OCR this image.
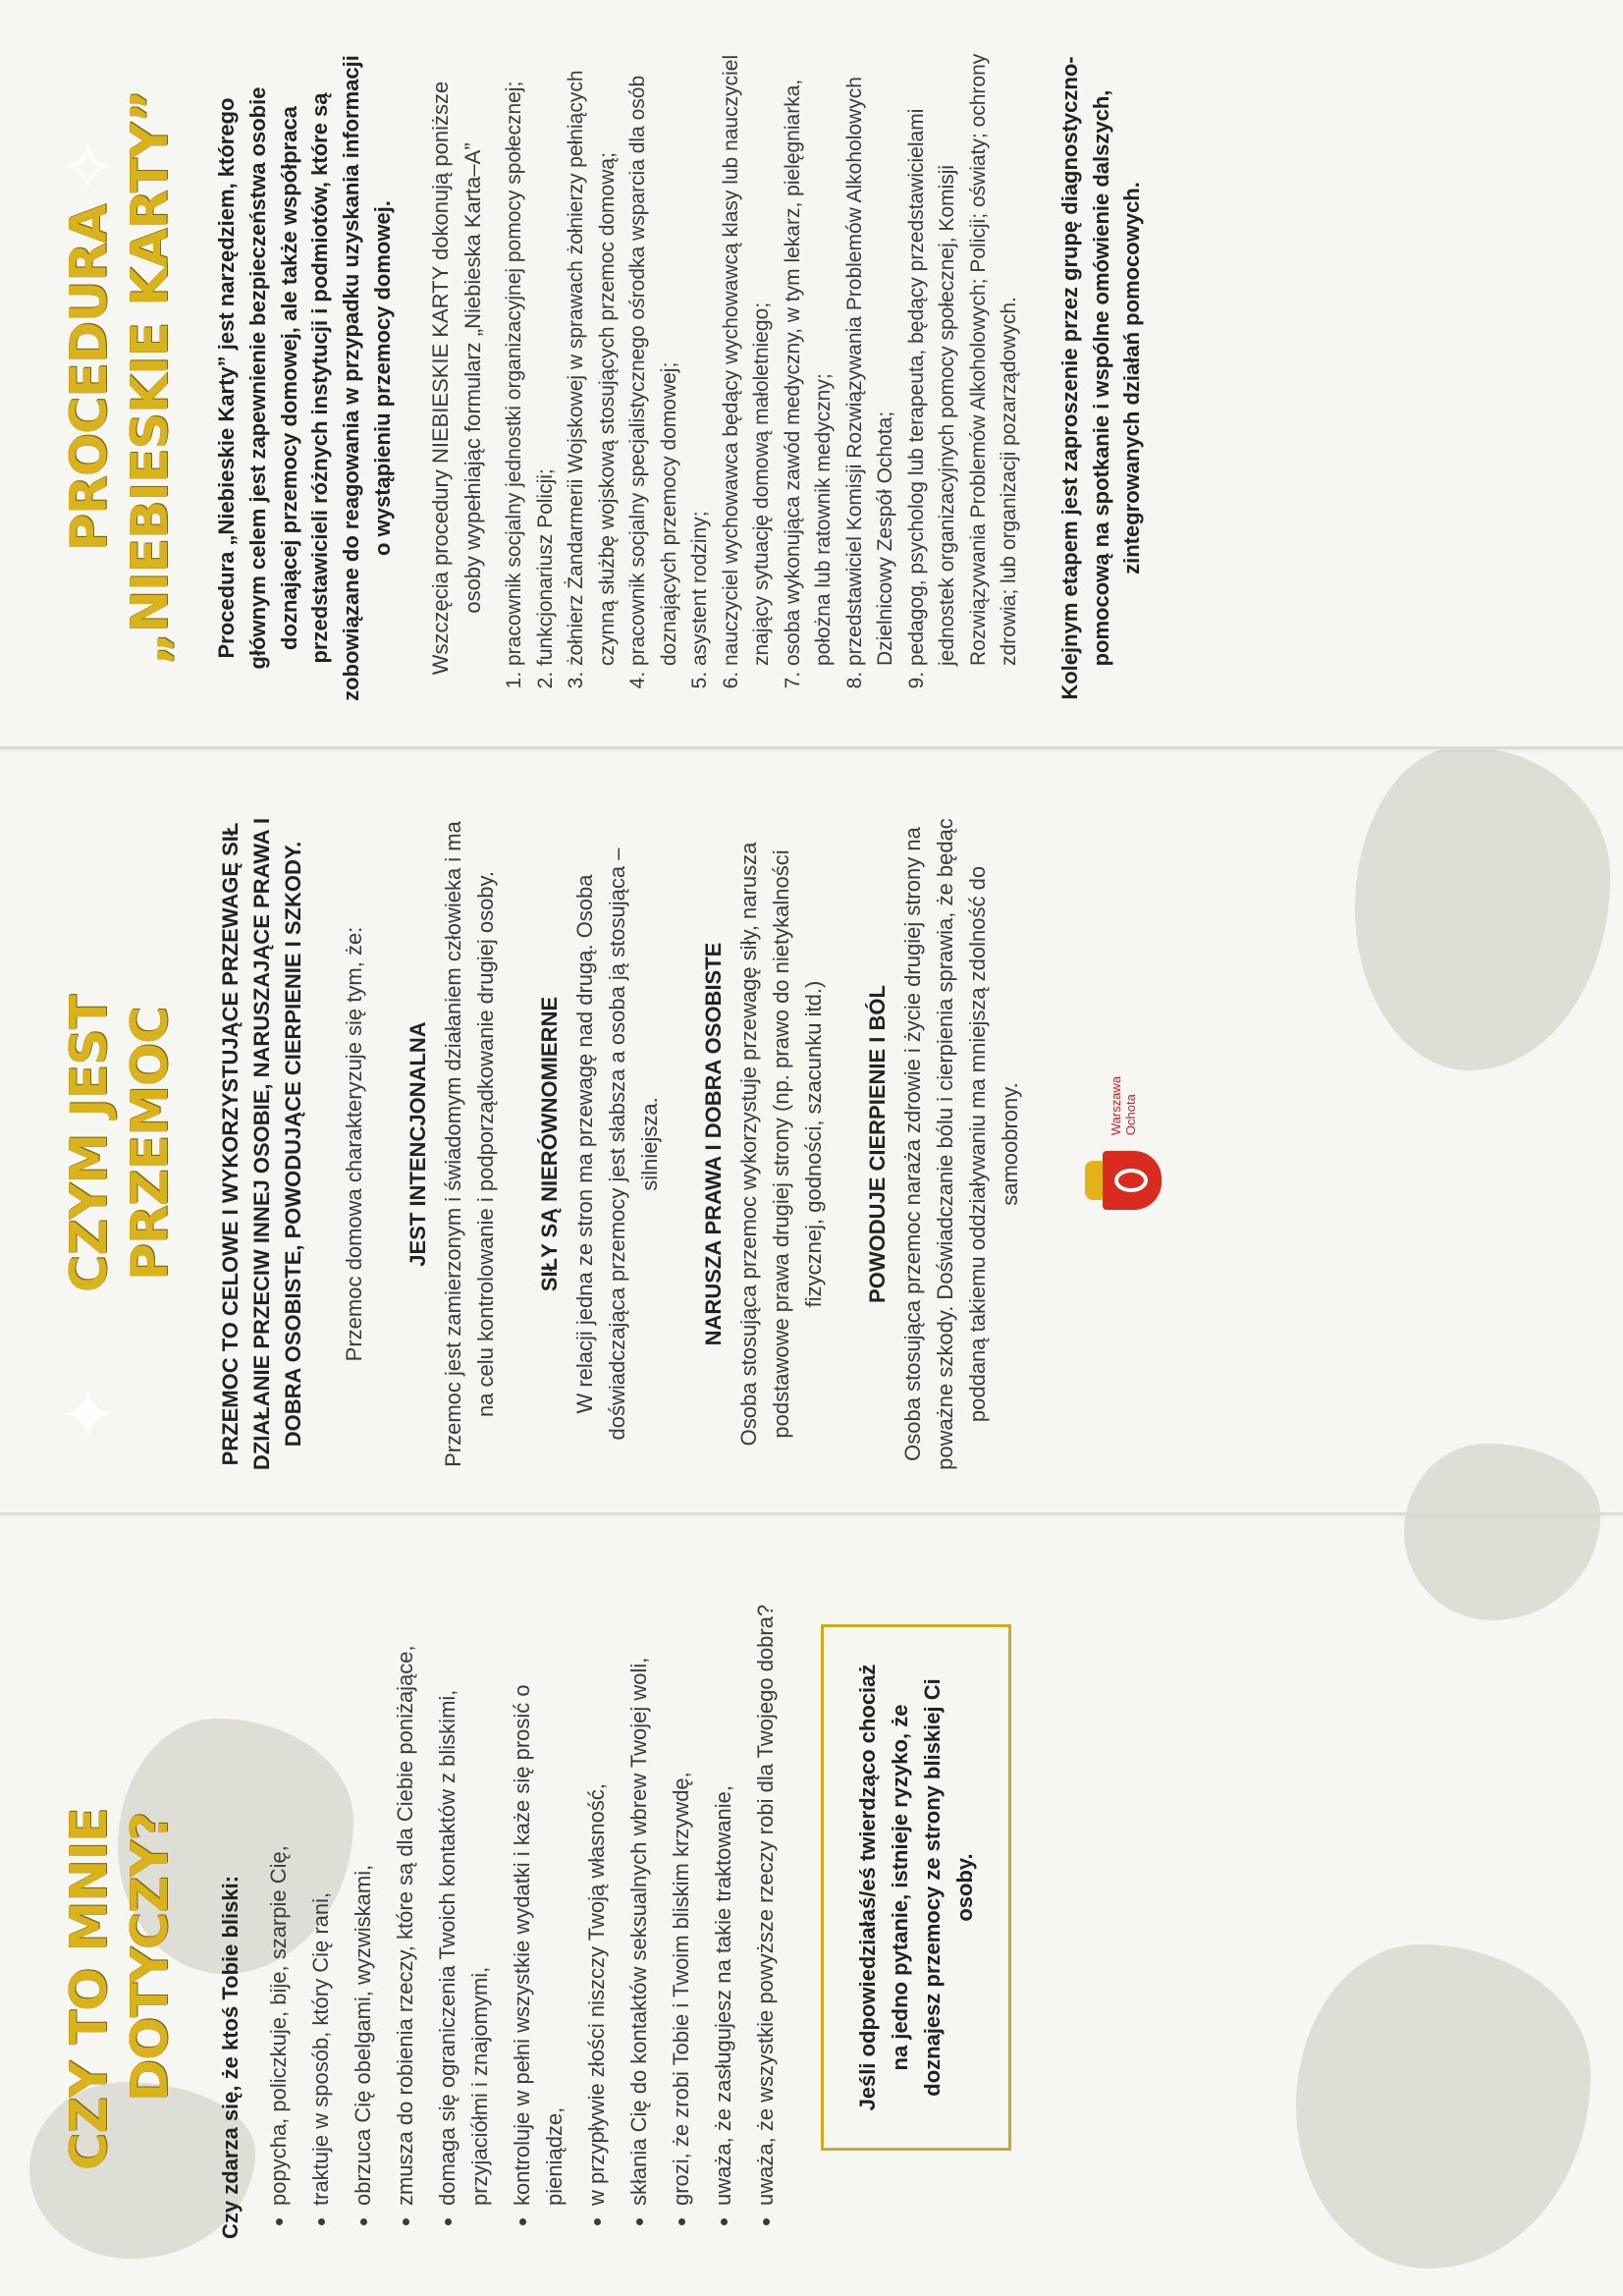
✦
✧
CZY TO MNIE DOTYCZY? Czy zdarza się, że ktoś Tobie bliski: • popycha, policzkuje, bije, szarpie Cię, • traktuje w sposób, który Cię rani, • obrzuca Cię obelgami, wyzwiskami, • zmusza do robienia rzeczy, które są dla Ciebie poniżające, • domaga się ograniczenia Twoich kontaktów z bliskimi, przyjaciółmi i znajomymi, • kontroluje w pełni wszystkie wydatki i każe się prosić o pieniądze, • w przypływie złości niszczy Twoją własność, • skłania Cię do kontaktów seksualnych wbrew Twojej woli, • grozi, że zrobi Tobie i Twoim bliskim krzywdę, • uważa, że zasługujesz na takie traktowanie, • uważa, że wszystkie powyższe rzeczy robi dla Twojego dobra?	Jeśli odpowiedziałaś/eś twierdząco chociaż na jedno pytanie, istnieje ryzyko, że doznajesz przemocy ze strony bliskiej Ci osoby.
CZYM JEST PRZEMOC PRZEMOC TO CELOWE I WYKORZYSTUJĄCE PRZEWAGĘ SIŁ DZIAŁANIE PRZECIW INNEJ OSOBIE, NARUSZAJĄCE PRAWA I DOBRA OSOBISTE, POWODUJĄCE CIERPIENIE I SZKODY. Przemoc domowa charakteryzuje się tym, że: JEST INTENCJONALNA Przemoc jest zamierzonym i świadomym działaniem człowieka i ma na celu kontrolowanie i podporządkowanie drugiej osoby. SIŁY SĄ NIERÓWNOMIERNE W relacji jedna ze stron ma przewagę nad drugą. Osoba doświadczająca przemocy jest słabsza a osoba ją stosująca – silniejsza. NARUSZA PRAWA I DOBRA OSOBISTE Osoba stosująca przemoc wykorzystuje przewagę siły, narusza podstawowe prawa drugiej strony (np. prawo do nietykalności fizycznej, godności, szacunku itd.) POWODUJE CIERPIENIE I BÓL Osoba stosująca przemoc naraża zdrowie i życie drugiej strony na poważne szkody. Doświadczanie bólu i cierpienia sprawia, że będąc poddaną takiemu oddziaływaniu ma mniejszą zdolność do samoobrony.	Warszawa Ochota
PROCEDURA „NIEBIESKIE KARTY” Procedura „Niebieskie Karty” jest narzędziem, którego głównym celem jest zapewnienie bezpieczeństwa osobie doznającej przemocy domowej, ale także współpraca przedstawicieli różnych instytucji i podmiotów, które są zobowiązane do reagowania w przypadku uzyskania informacji o wystąpieniu przemocy domowej. Wszczęcia procedury NIEBIESKIE KARTY dokonują poniższe osoby wypełniając formularz „Niebieska Karta–A” 1. pracownik socjalny jednostki organizacyjnej pomocy społecznej; 2. funkcjonariusz Policji; 3. żołnierz Żandarmerii Wojskowej w sprawach żołnierzy pełniących czynną służbę wojskową stosujących przemoc domową; 4. pracownik socjalny specjalistycznego ośrodka wsparcia dla osób doznających przemocy domowej; 5. asystent rodziny; 6. nauczyciel wychowawca będący wychowawcą klasy lub nauczyciel znający sytuację domową małoletniego; 7. osoba wykonująca zawód medyczny, w tym lekarz, pielęgniarka, położna lub ratownik medyczny; 8. przedstawiciel Komisji Rozwiązywania Problemów Alkoholowych Dzielnicowy Zespół Ochota; 9. pedagog, psycholog lub terapeuta, będący przedstawicielami jednostek organizacyjnych pomocy społecznej, Komisji Rozwiązywania Problemów Alkoholowych; Policji; oświaty; ochrony zdrowia; lub organizacji pozarządowych. Kolejnym etapem jest zaproszenie przez grupę diagnostyczno-pomocową na spotkanie i wspólne omówienie dalszych, zintegrowanych działań pomocowych.
